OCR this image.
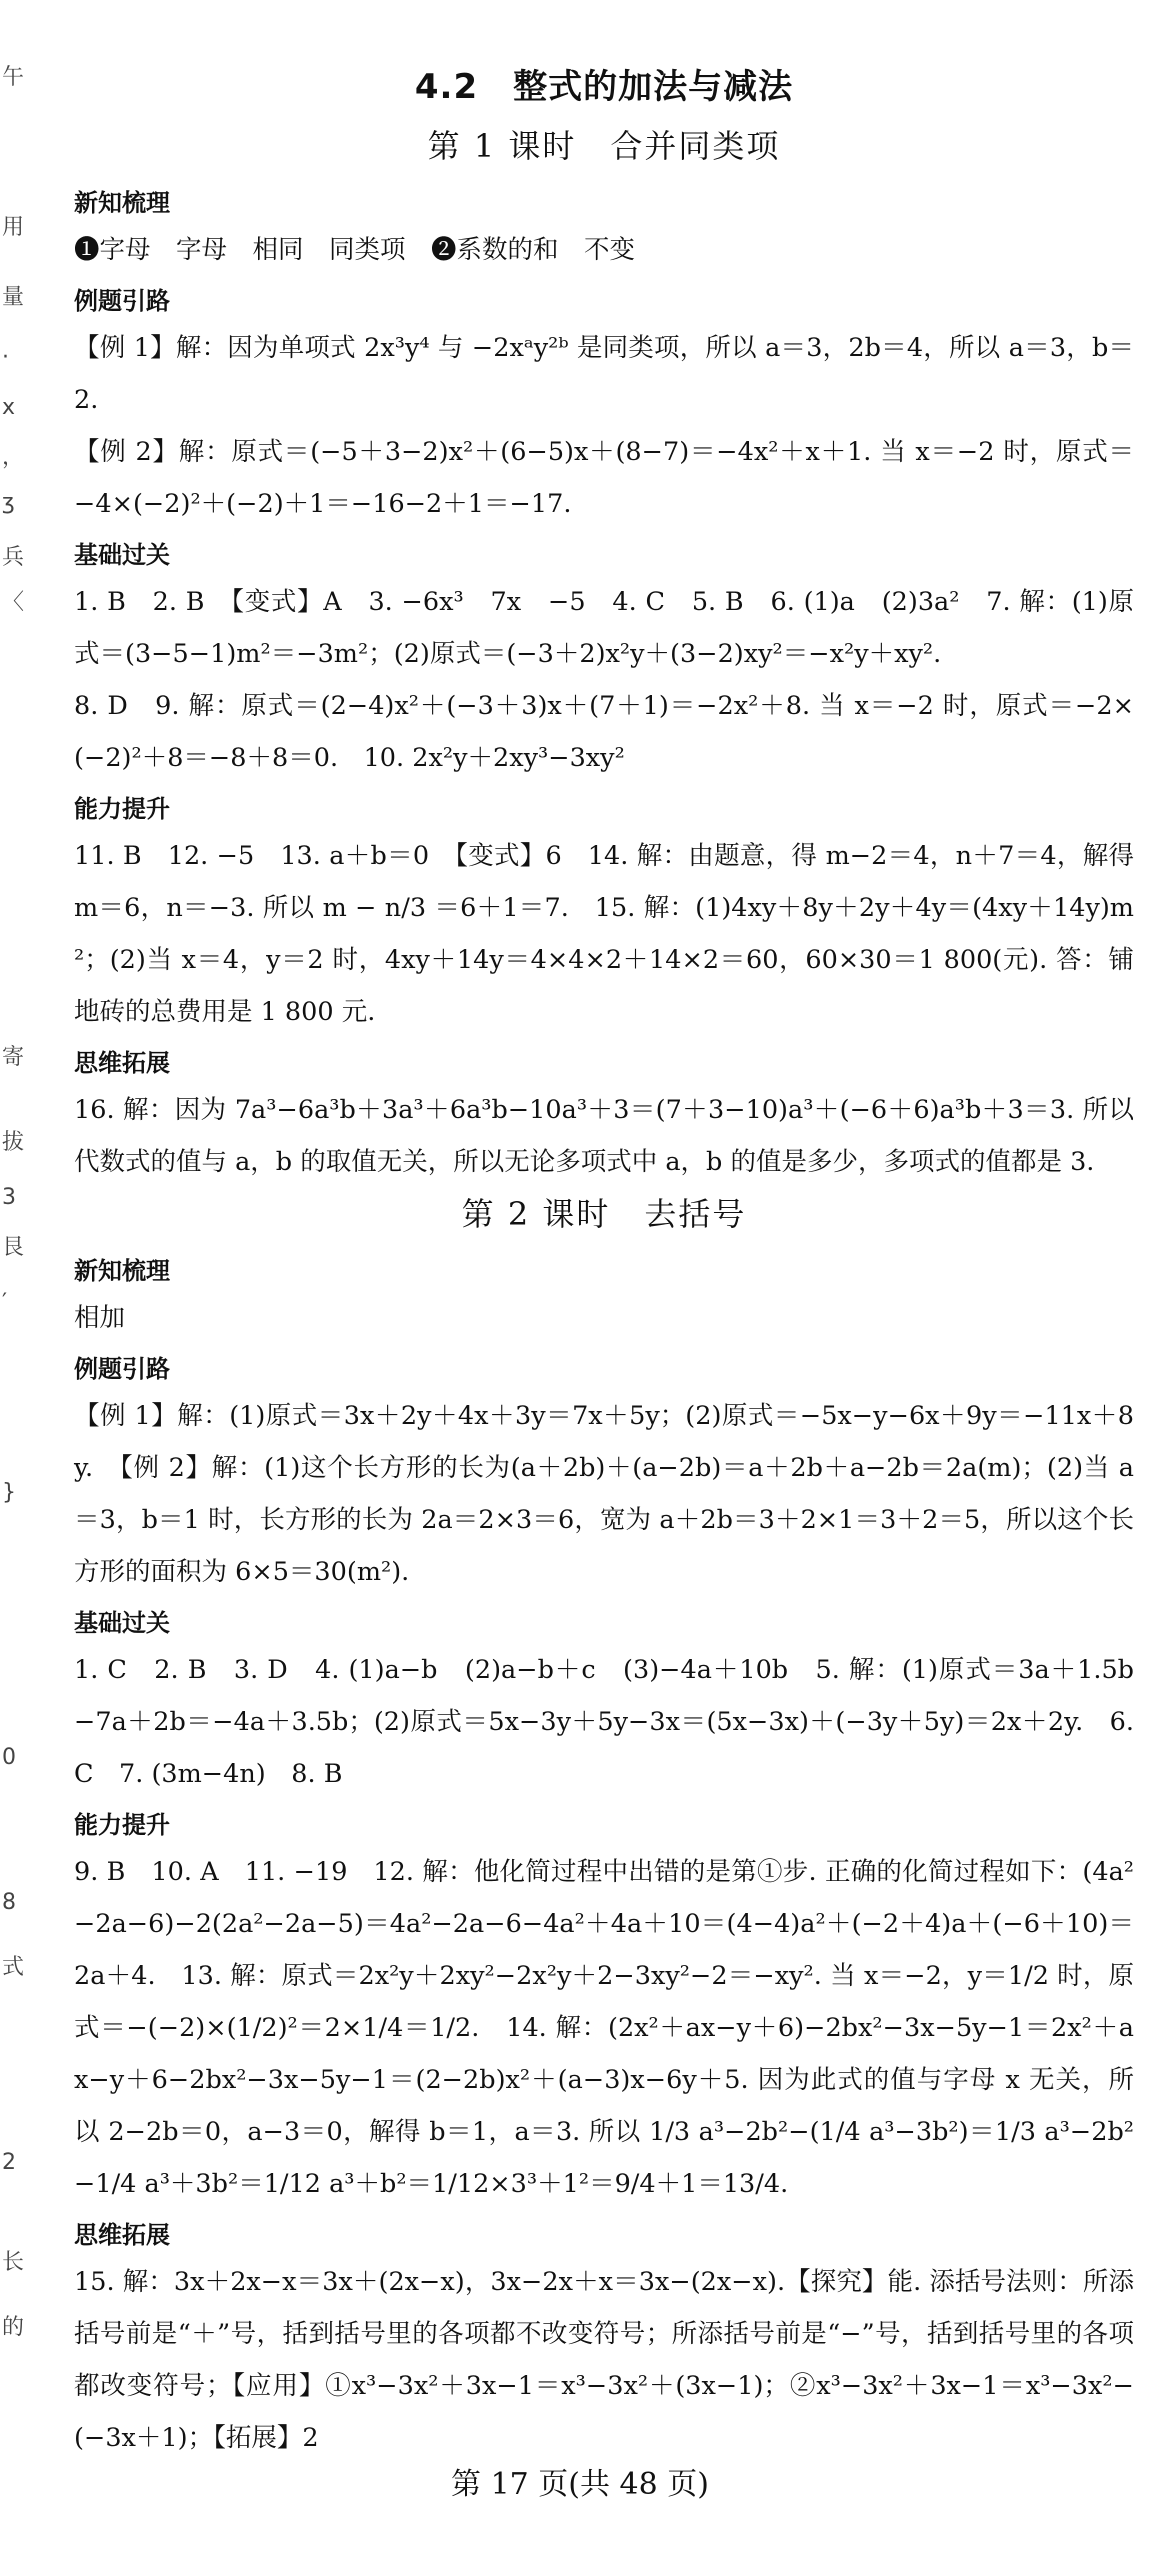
午
用
量
·
x
，
ʒ
兵
〈
寄
拔
3
艮
′
}
0
8
式
2
长
的
4.2　整式的加法与减法
第 1 课时　合并同类项
新知梳理

❶字母　字母　相同　同类项　❷系数的和　不变

例题引路

【例 1】解：因为单项式 2x³y⁴ 与 −2xᵃy²ᵇ 是同类项，所以 a＝3，2b＝4，所以 a＝3，b＝2.

【例 2】解：原式＝(−5＋3−2)x²＋(6−5)x＋(8−7)＝−4x²＋x＋1. 当 x＝−2 时，原式＝−4×(−2)²＋(−2)＋1＝−16−2＋1＝−17.

基础过关

1. B　2. B　【变式】A　3. −6x³　7x　−5　4. C　5. B　6. (1)a　(2)3a²　7. 解：(1)原式＝(3−5−1)m²＝−3m²；(2)原式＝(−3＋2)x²y＋(3−2)xy²＝−x²y＋xy².

8. D　9. 解：原式＝(2−4)x²＋(−3＋3)x＋(7＋1)＝−2x²＋8. 当 x＝−2 时，原式＝−2×(−2)²＋8＝−8＋8＝0.　10. 2x²y＋2xy³−3xy²

能力提升

11. B　12. −5　13. a＋b＝0　【变式】6　14. 解：由题意，得 m−2＝4，n＋7＝4，解得 m＝6，n＝−3. 所以 m − n/3 ＝6＋1＝7.　15. 解：(1)4xy＋8y＋2y＋4y＝(4xy＋14y)m²；(2)当 x＝4，y＝2 时，4xy＋14y＝4×4×2＋14×2＝60，60×30＝1 800(元). 答：铺地砖的总费用是 1 800 元.

思维拓展

16. 解：因为 7a³−6a³b＋3a³＋6a³b−10a³＋3＝(7＋3−10)a³＋(−6＋6)a³b＋3＝3. 所以代数式的值与 a，b 的取值无关，所以无论多项式中 a，b 的值是多少，多项式的值都是 3.

第 2 课时　去括号
新知梳理

相加

例题引路

【例 1】解：(1)原式＝3x＋2y＋4x＋3y＝7x＋5y；(2)原式＝−5x−y−6x＋9y＝−11x＋8y.　【例 2】解：(1)这个长方形的长为(a＋2b)＋(a−2b)＝a＋2b＋a−2b＝2a(m)；(2)当 a＝3，b＝1 时，长方形的长为 2a＝2×3＝6，宽为 a＋2b＝3＋2×1＝3＋2＝5，所以这个长方形的面积为 6×5＝30(m²).

基础过关

1. C　2. B　3. D　4. (1)a−b　(2)a−b＋c　(3)−4a＋10b　5. 解：(1)原式＝3a＋1.5b−7a＋2b＝−4a＋3.5b；(2)原式＝5x−3y＋5y−3x＝(5x−3x)＋(−3y＋5y)＝2x＋2y.　6. C　7. (3m−4n)　8. B

能力提升

9. B　10. A　11. −19　12. 解：他化简过程中出错的是第①步. 正确的化简过程如下：(4a²−2a−6)−2(2a²−2a−5)＝4a²−2a−6−4a²＋4a＋10＝(4−4)a²＋(−2＋4)a＋(−6＋10)＝2a＋4.　13. 解：原式＝2x²y＋2xy²−2x²y＋2−3xy²−2＝−xy². 当 x＝−2，y＝1/2 时，原式＝−(−2)×(1/2)²＝2×1/4＝1/2.　14. 解：(2x²＋ax−y＋6)−2bx²−3x−5y−1＝2x²＋ax−y＋6−2bx²−3x−5y−1＝(2−2b)x²＋(a−3)x−6y＋5. 因为此式的值与字母 x 无关，所以 2−2b＝0，a−3＝0，解得 b＝1，a＝3. 所以 1/3 a³−2b²−(1/4 a³−3b²)＝1/3 a³−2b²−1/4 a³＋3b²＝1/12 a³＋b²＝1/12×3³＋1²＝9/4＋1＝13/4.

思维拓展

15. 解：3x＋2x−x＝3x＋(2x−x)，3x−2x＋x＝3x−(2x−x).【探究】能. 添括号法则：所添括号前是“＋”号，括到括号里的各项都不改变符号；所添括号前是“−”号，括到括号里的各项都改变符号；【应用】①x³−3x²＋3x−1＝x³−3x²＋(3x−1)；②x³−3x²＋3x−1＝x³−3x²−(−3x＋1)；【拓展】2

第 17 页(共 48 页)
